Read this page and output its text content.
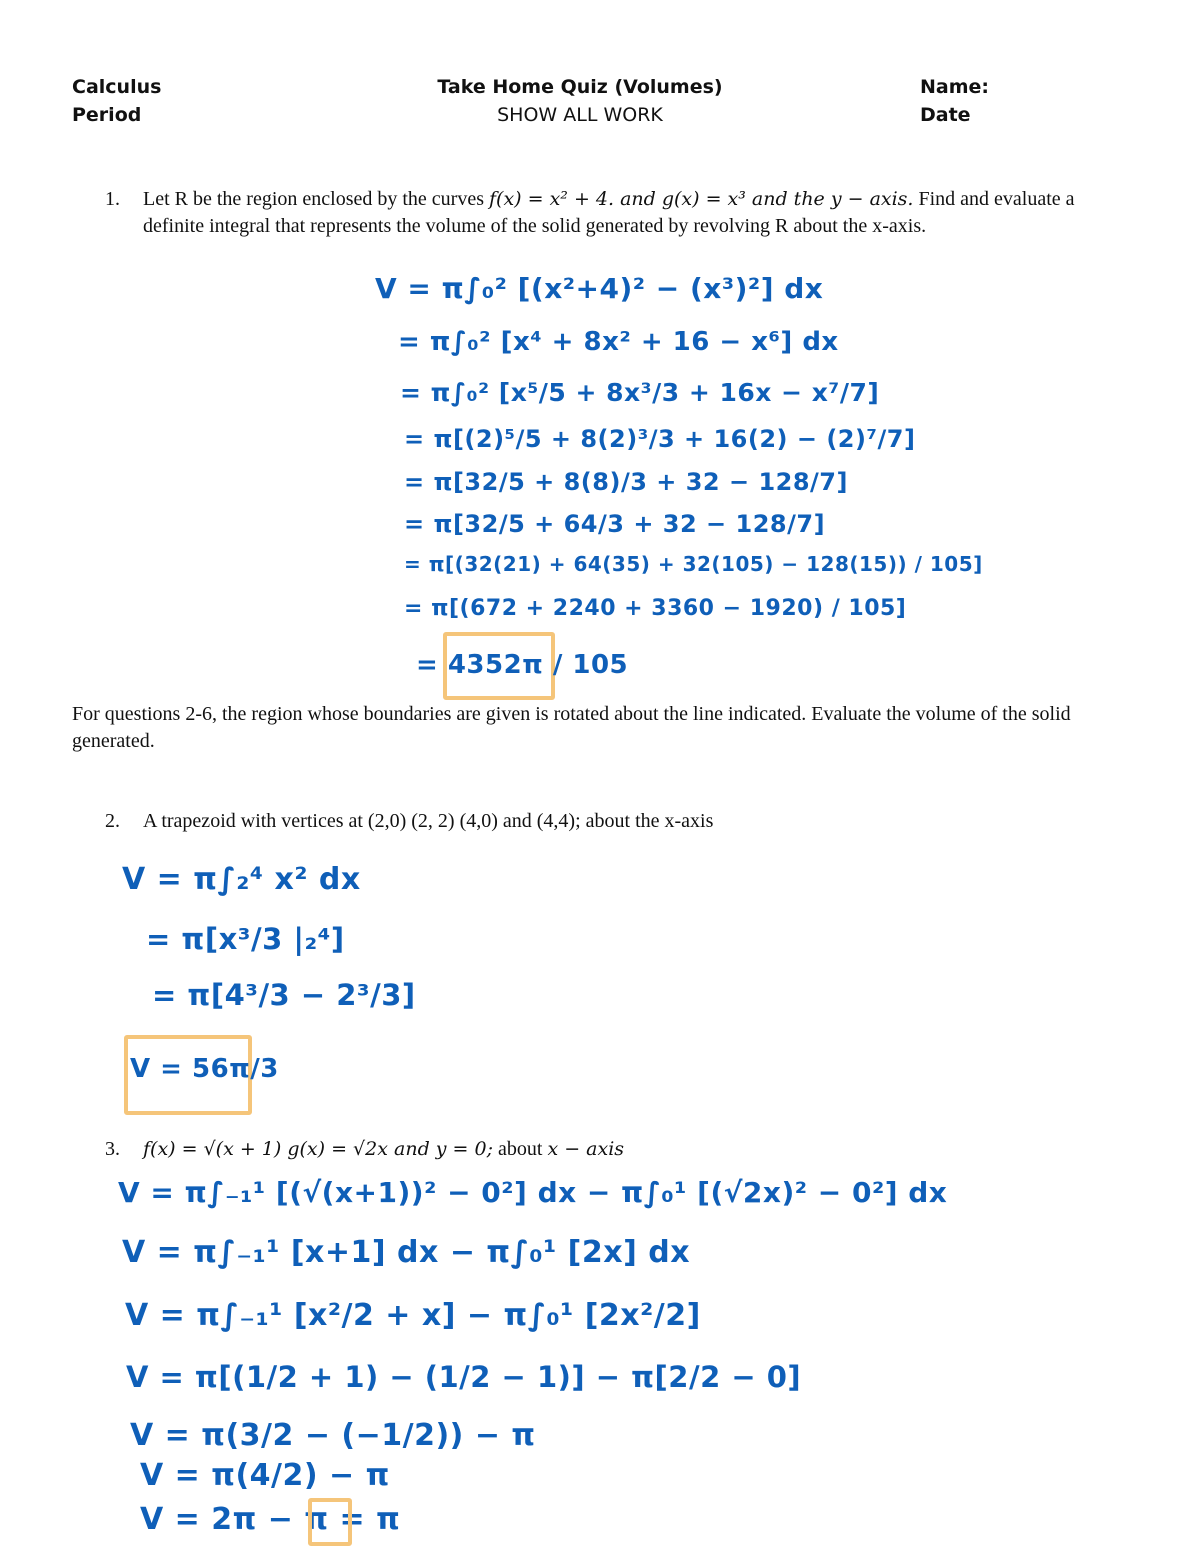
Calculus
Period
Take Home Quiz (Volumes)
SHOW ALL WORK
Name:
Date
1. Let R be the region enclosed by the curves f(x) = x² + 4. and g(x) = x³ and the y − axis. Find and evaluate a definite integral that represents the volume of the solid generated by revolving R about the x-axis.
V = π∫₀² [(x²+4)² − (x³)²] dx
= π∫₀² [x⁴ + 8x² + 16 − x⁶] dx
= π∫₀² [x⁵/5 + 8x³/3 + 16x − x⁷/7]
= π[(2)⁵/5 + 8(2)³/3 + 16(2) − (2)⁷/7]
= π[32/5 + 8(8)/3 + 32 − 128/7]
= π[32/5 + 64/3 + 32 − 128/7]
= π[(32(21) + 64(35) + 32(105) − 128(15)) / 105]
= π[(672 + 2240 + 3360 − 1920) / 105]
= 4352π / 105
For questions 2-6, the region whose boundaries are given is rotated about the line indicated. Evaluate the volume of the solid generated.
2. A trapezoid with vertices at (2,0) (2, 2) (4,0) and (4,4); about the x-axis
V = π∫₂⁴ x² dx
= π[x³/3 |₂⁴]
= π[4³/3 − 2³/3]
V = 56π/3
3. f(x) = √(x + 1) g(x) = √2x and y = 0; about x − axis
V = π∫₋₁¹ [(√(x+1))² − 0²] dx − π∫₀¹ [(√2x)² − 0²] dx
V = π∫₋₁¹ [x+1] dx − π∫₀¹ [2x] dx
V = π∫₋₁¹ [x²/2 + x] − π∫₀¹ [2x²/2]
V = π[(1/2 + 1) − (1/2 − 1)] − π[2/2 − 0]
V = π(3/2 − (−1/2)) − π
V = π(4/2) − π
V = 2π − π = π
